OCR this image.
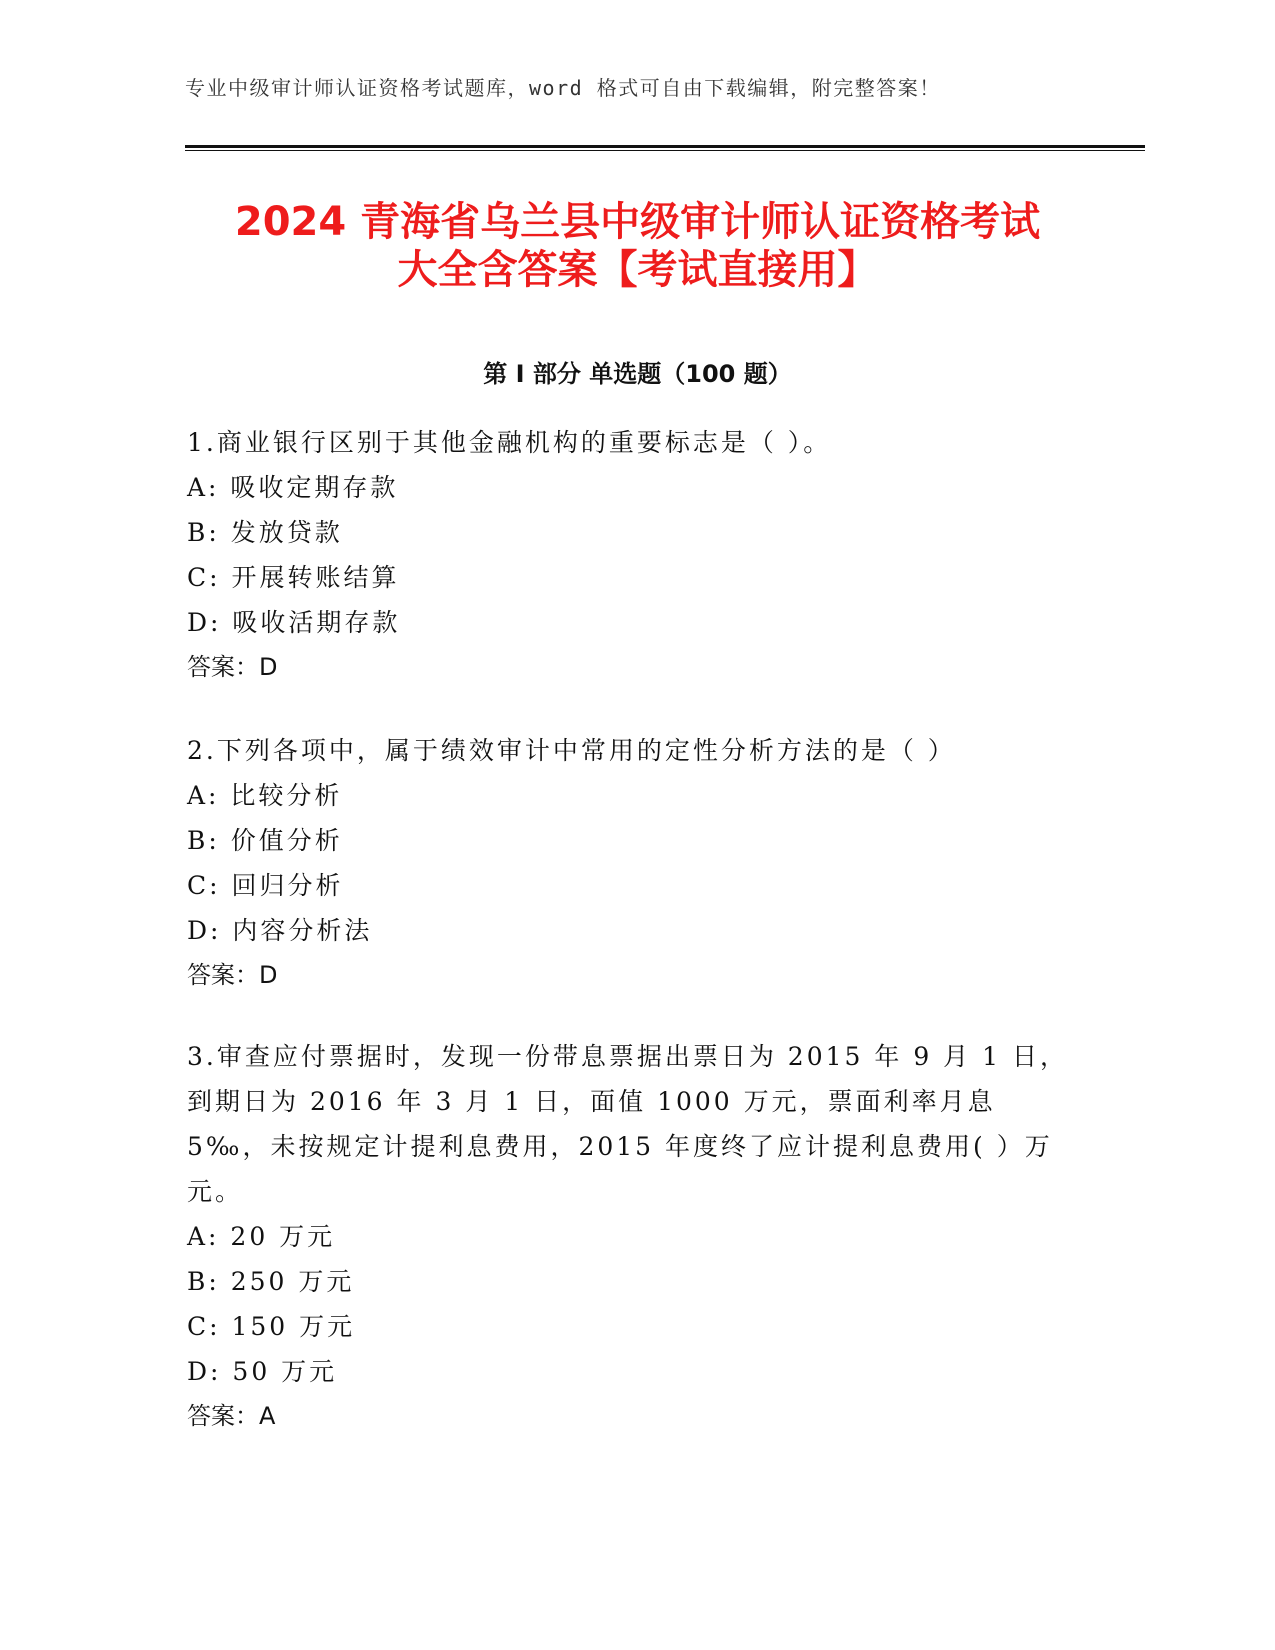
专业中级审计师认证资格考试题库，word 格式可自由下载编辑，附完整答案！
2024 青海省乌兰县中级审计师认证资格考试
大全含答案【考试直接用】
第 I 部分 单选题（100 题）
1.商业银行区别于其他金融机构的重要标志是（ ）。
A: 吸收定期存款
B: 发放贷款
C: 开展转账结算
D: 吸收活期存款
答案：D
2.下列各项中，属于绩效审计中常用的定性分析方法的是（ ）
A: 比较分析
B: 价值分析
C: 回归分析
D: 内容分析法
答案：D
3.审查应付票据时，发现一份带息票据出票日为 2015 年 9 月 1 日，到期日为 2016 年 3 月 1 日，面值 1000 万元，票面利率月息 5‰，未按规定计提利息费用，2015 年度终了应计提利息费用( ）万元。
A: 20 万元
B: 250 万元
C: 150 万元
D: 50 万元
答案：A
